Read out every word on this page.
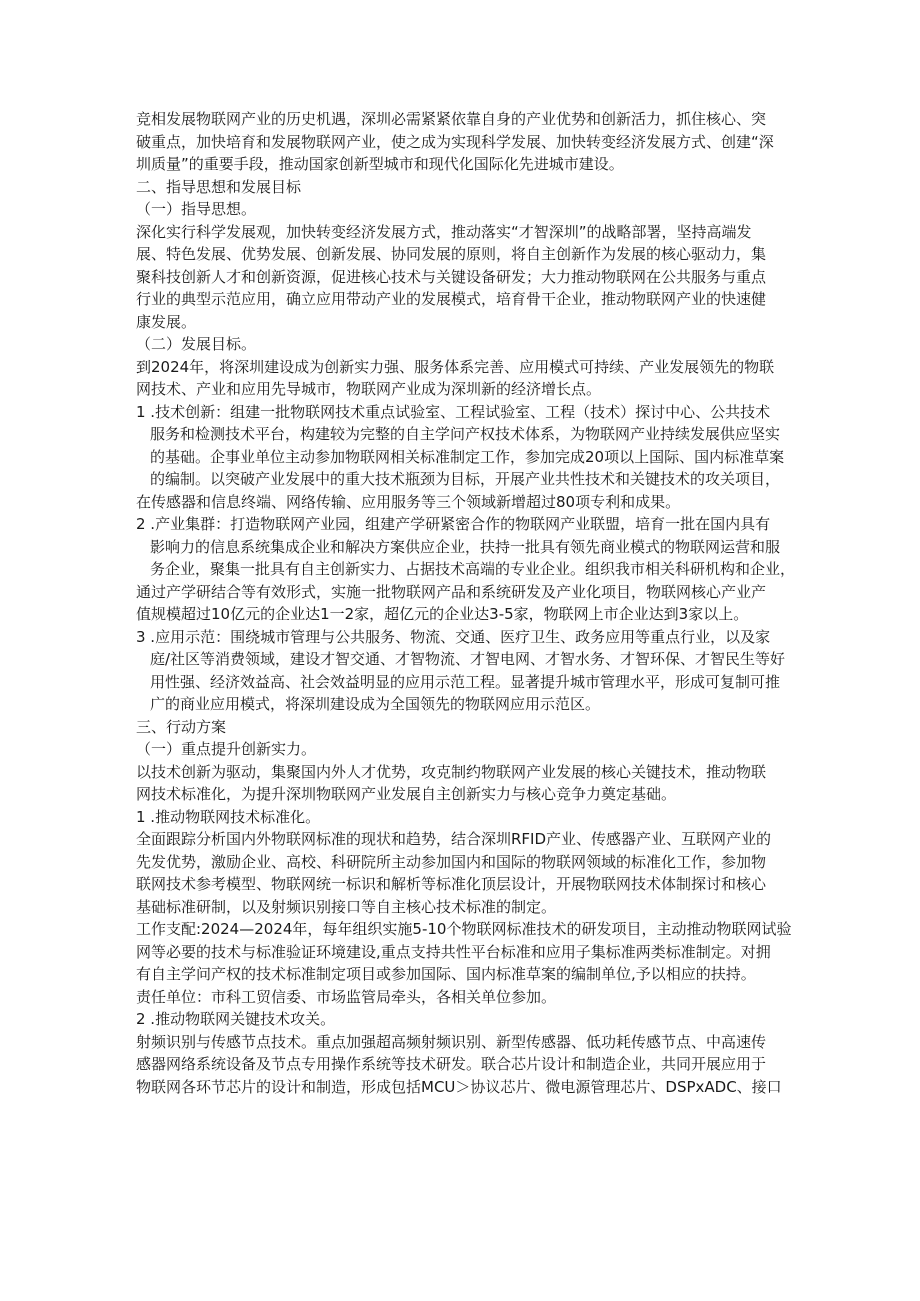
竞相发展物联网产业的历史机遇，深圳必需紧紧依靠自身的产业优势和创新活力，抓住核心、突
破重点，加快培育和发展物联网产业，使之成为实现科学发展、加快转变经济发展方式、创建“深
圳质量”的重要手段，推动国家创新型城市和现代化国际化先进城市建设。
二、指导思想和发展目标
（一）指导思想。
深化实行科学发展观，加快转变经济发展方式，推动落实“才智深圳”的战略部署，坚持高端发
展、特色发展、优势发展、创新发展、协同发展的原则，将自主创新作为发展的核心驱动力，集
聚科技创新人才和创新资源，促进核心技术与关键设备研发；大力推动物联网在公共服务与重点
行业的典型示范应用，确立应用带动产业的发展模式，培育骨干企业，推动物联网产业的快速健
康发展。
（二）发展目标。
到2024年，将深圳建设成为创新实力强、服务体系完善、应用模式可持续、产业发展领先的物联
网技术、产业和应用先导城市，物联网产业成为深圳新的经济增长点。
1 .技术创新：组建一批物联网技术重点试验室、工程试验室、工程（技术）探讨中心、公共技术
服务和检测技术平台，构建较为完整的自主学问产权技术体系，为物联网产业持续发展供应坚实
的基础。企事业单位主动参加物联网相关标准制定工作，参加完成20项以上国际、国内标准草案
的编制。以突破产业发展中的重大技术瓶颈为目标，开展产业共性技术和关键技术的攻关项目，
在传感器和信息终端、网络传输、应用服务等三个领域新增超过80项专利和成果。
2 .产业集群：打造物联网产业园，组建产学研紧密合作的物联网产业联盟，培育一批在国内具有
影响力的信息系统集成企业和解决方案供应企业，扶持一批具有领先商业模式的物联网运营和服
务企业，聚集一批具有自主创新实力、占据技术高端的专业企业。组织我市相关科研机构和企业，
通过产学研结合等有效形式，实施一批物联网产品和系统研发及产业化项目，物联网核心产业产
值规模超过10亿元的企业达1一2家，超亿元的企业达3-5家，物联网上市企业达到3家以上。
3 .应用示范：围绕城市管理与公共服务、物流、交通、医疗卫生、政务应用等重点行业，以及家
庭/社区等消费领域，建设才智交通、才智物流、才智电网、才智水务、才智环保、才智民生等好
用性强、经济效益高、社会效益明显的应用示范工程。显著提升城市管理水平，形成可复制可推
广的商业应用模式，将深圳建设成为全国领先的物联网应用示范区。
三、行动方案
（一）重点提升创新实力。
以技术创新为驱动，集聚国内外人才优势，攻克制约物联网产业发展的核心关键技术，推动物联
网技术标准化，为提升深圳物联网产业发展自主创新实力与核心竞争力奠定基础。
1 .推动物联网技术标准化。
全面跟踪分析国内外物联网标准的现状和趋势，结合深圳RFID产业、传感器产业、互联网产业的
先发优势，激励企业、高校、科研院所主动参加国内和国际的物联网领域的标准化工作，参加物
联网技术参考模型、物联网统一标识和解析等标准化顶层设计，开展物联网技术体制探讨和核心
基础标准研制，以及射频识别接口等自主核心技术标准的制定。
工作支配:2024—2024年，每年组织实施5-10个物联网标准技术的研发项目，主动推动物联网试验
网等必要的技术与标准验证环境建设,重点支持共性平台标准和应用子集标准两类标准制定。对拥
有自主学问产权的技术标准制定项目或参加国际、国内标准草案的编制单位,予以相应的扶持。
责任单位：市科工贸信委、市场监管局牵头，各相关单位参加。
2 .推动物联网关键技术攻关。
射频识别与传感节点技术。重点加强超高频射频识别、新型传感器、低功耗传感节点、中高速传
感器网络系统设备及节点专用操作系统等技术研发。联合芯片设计和制造企业，共同开展应用于
物联网各环节芯片的设计和制造，形成包括MCU＞协议芯片、微电源管理芯片、DSPxADC、接口
